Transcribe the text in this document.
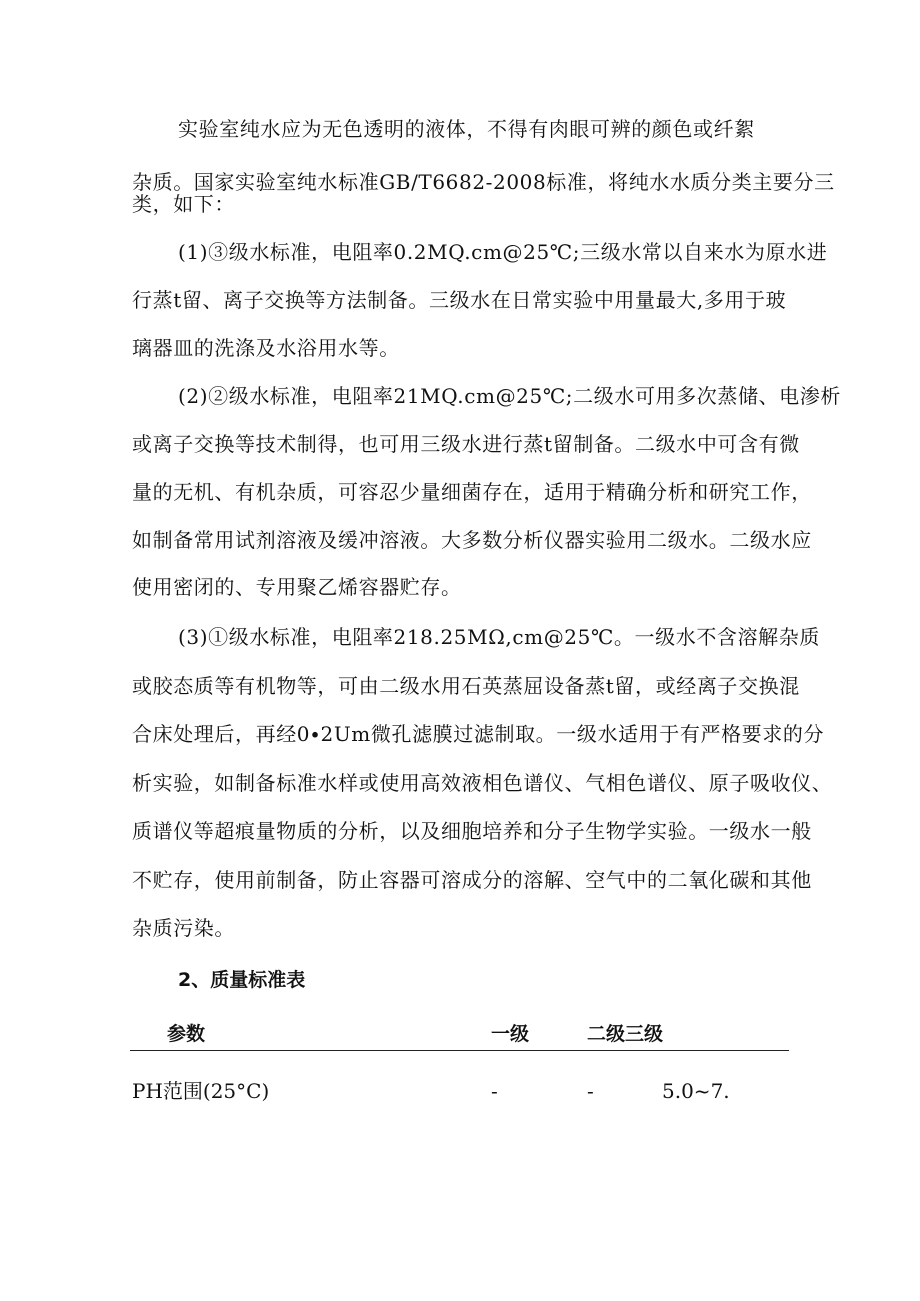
实验室纯水应为无色透明的液体，不得有肉眼可辨的颜色或纤絮
杂质。国家实验室纯水标准GB/T6682-2008标准，将纯水水质分类主要分三
类，如下：
(1)③级水标准，电阻率0.2MQ.cm@25℃;三级水常以自来水为原水进
行蒸t留、离子交换等方法制备。三级水在日常实验中用量最大,多用于玻
璃器皿的洗涤及水浴用水等。
(2)②级水标准，电阻率21MQ.cm@25℃;二级水可用多次蒸储、电渗析
或离子交换等技术制得，也可用三级水进行蒸t留制备。二级水中可含有微
量的无机、有机杂质，可容忍少量细菌存在，适用于精确分析和研究工作，
如制备常用试剂溶液及缓冲溶液。大多数分析仪器实验用二级水。二级水应
使用密闭的、专用聚乙烯容器贮存。
(3)①级水标准，电阻率218.25MΩ,cm@25℃。一级水不含溶解杂质
或胶态质等有机物等，可由二级水用石英蒸屈设备蒸t留，或经离子交换混
合床处理后，再经0∙2Um微孔滤膜过滤制取。一级水适用于有严格要求的分
析实验，如制备标准水样或使用高效液相色谱仪、气相色谱仪、原子吸收仪、
质谱仪等超痕量物质的分析，以及细胞培养和分子生物学实验。一级水一般
不贮存，使用前制备，防止容器可溶成分的溶解、空气中的二氧化碳和其他
杂质污染。
2、质量标准表
参数	一级	二级三级
PH范围(25°C)	-	-	5.0~7.
